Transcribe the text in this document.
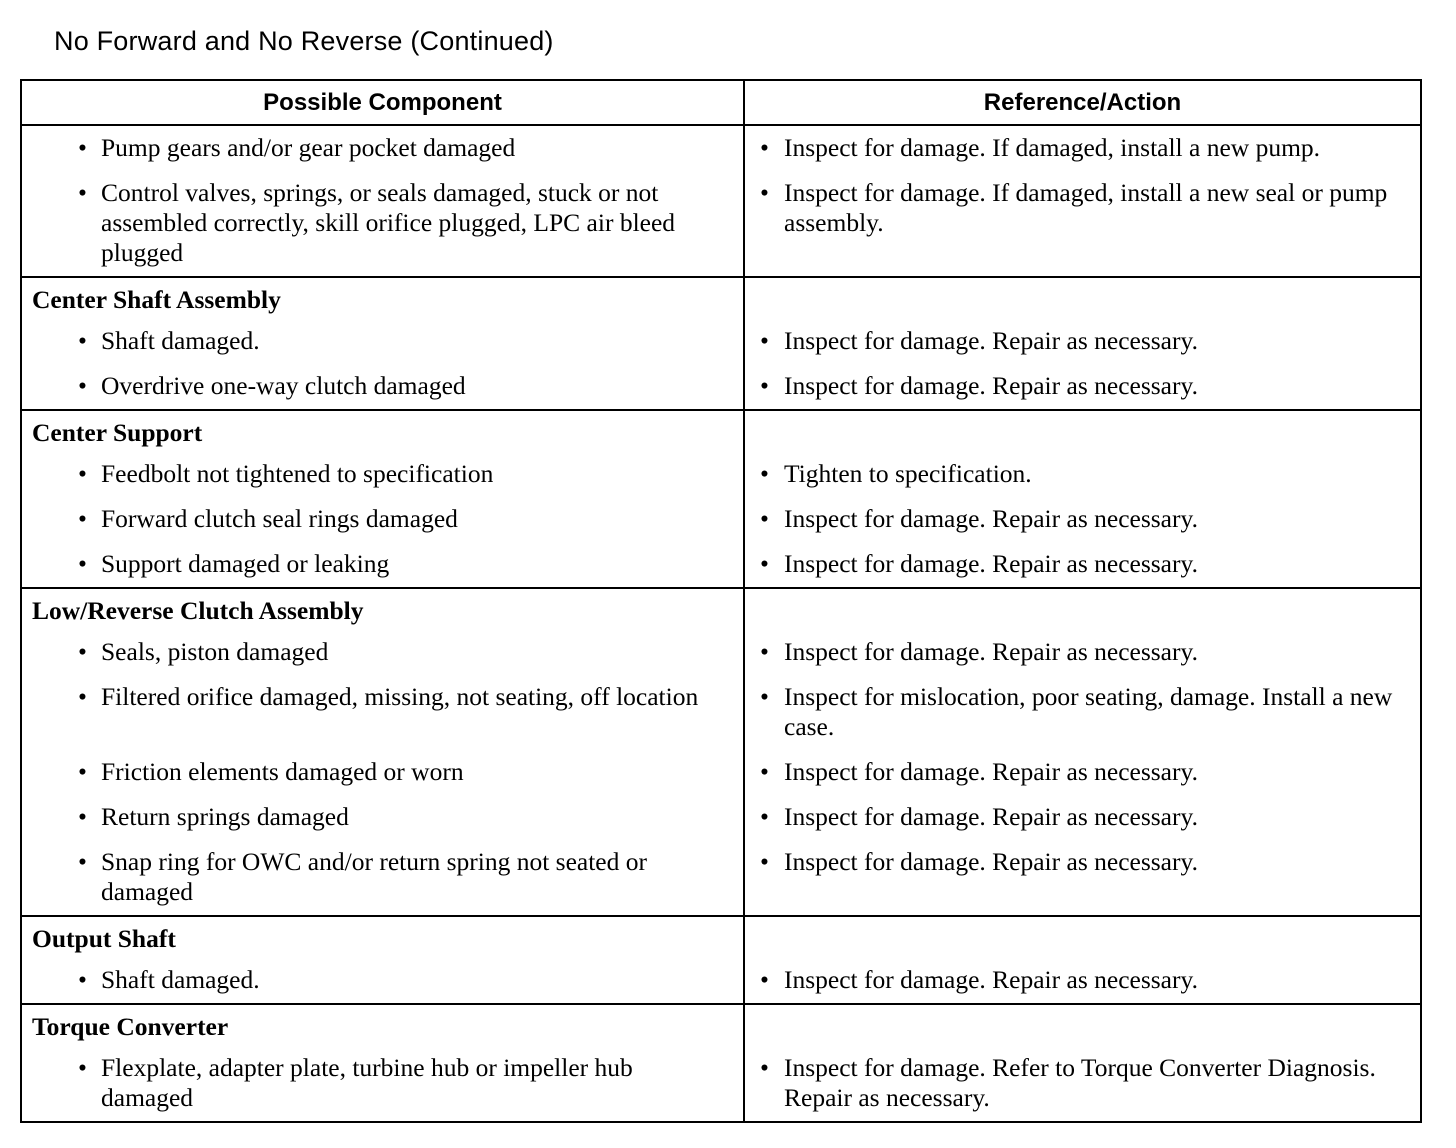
No Forward and No Reverse (Continued)
Possible Component	Reference/Action

• Pump gears and/or gear pocket damaged	• Inspect for damage. If damaged, install a new pump.

• Control valves, springs, or seals damaged, stuck or not assembled correctly, skill orifice plugged, LPC air bleed plugged	• Inspect for damage. If damaged, install a new seal or pump assembly.

Center Shaft Assembly	

• Shaft damaged.	• Inspect for damage. Repair as necessary.

• Overdrive one-way clutch damaged	• Inspect for damage. Repair as necessary.

Center Support	

• Feedbolt not tightened to specification	• Tighten to specification.

• Forward clutch seal rings damaged	• Inspect for damage. Repair as necessary.

• Support damaged or leaking	• Inspect for damage. Repair as necessary.

Low/Reverse Clutch Assembly	

• Seals, piston damaged	• Inspect for damage. Repair as necessary.

• Filtered orifice damaged, missing, not seating, off location	• Inspect for mislocation, poor seating, damage. Install a new case.

• Friction elements damaged or worn	• Inspect for damage. Repair as necessary.

• Return springs damaged	• Inspect for damage. Repair as necessary.

• Snap ring for OWC and/or return spring not seated or damaged	• Inspect for damage. Repair as necessary.

Output Shaft	

• Shaft damaged.	• Inspect for damage. Repair as necessary.

Torque Converter	

• Flexplate, adapter plate, turbine hub or impeller hub damaged	• Inspect for damage. Refer to Torque Converter Diagnosis. Repair as necessary.
